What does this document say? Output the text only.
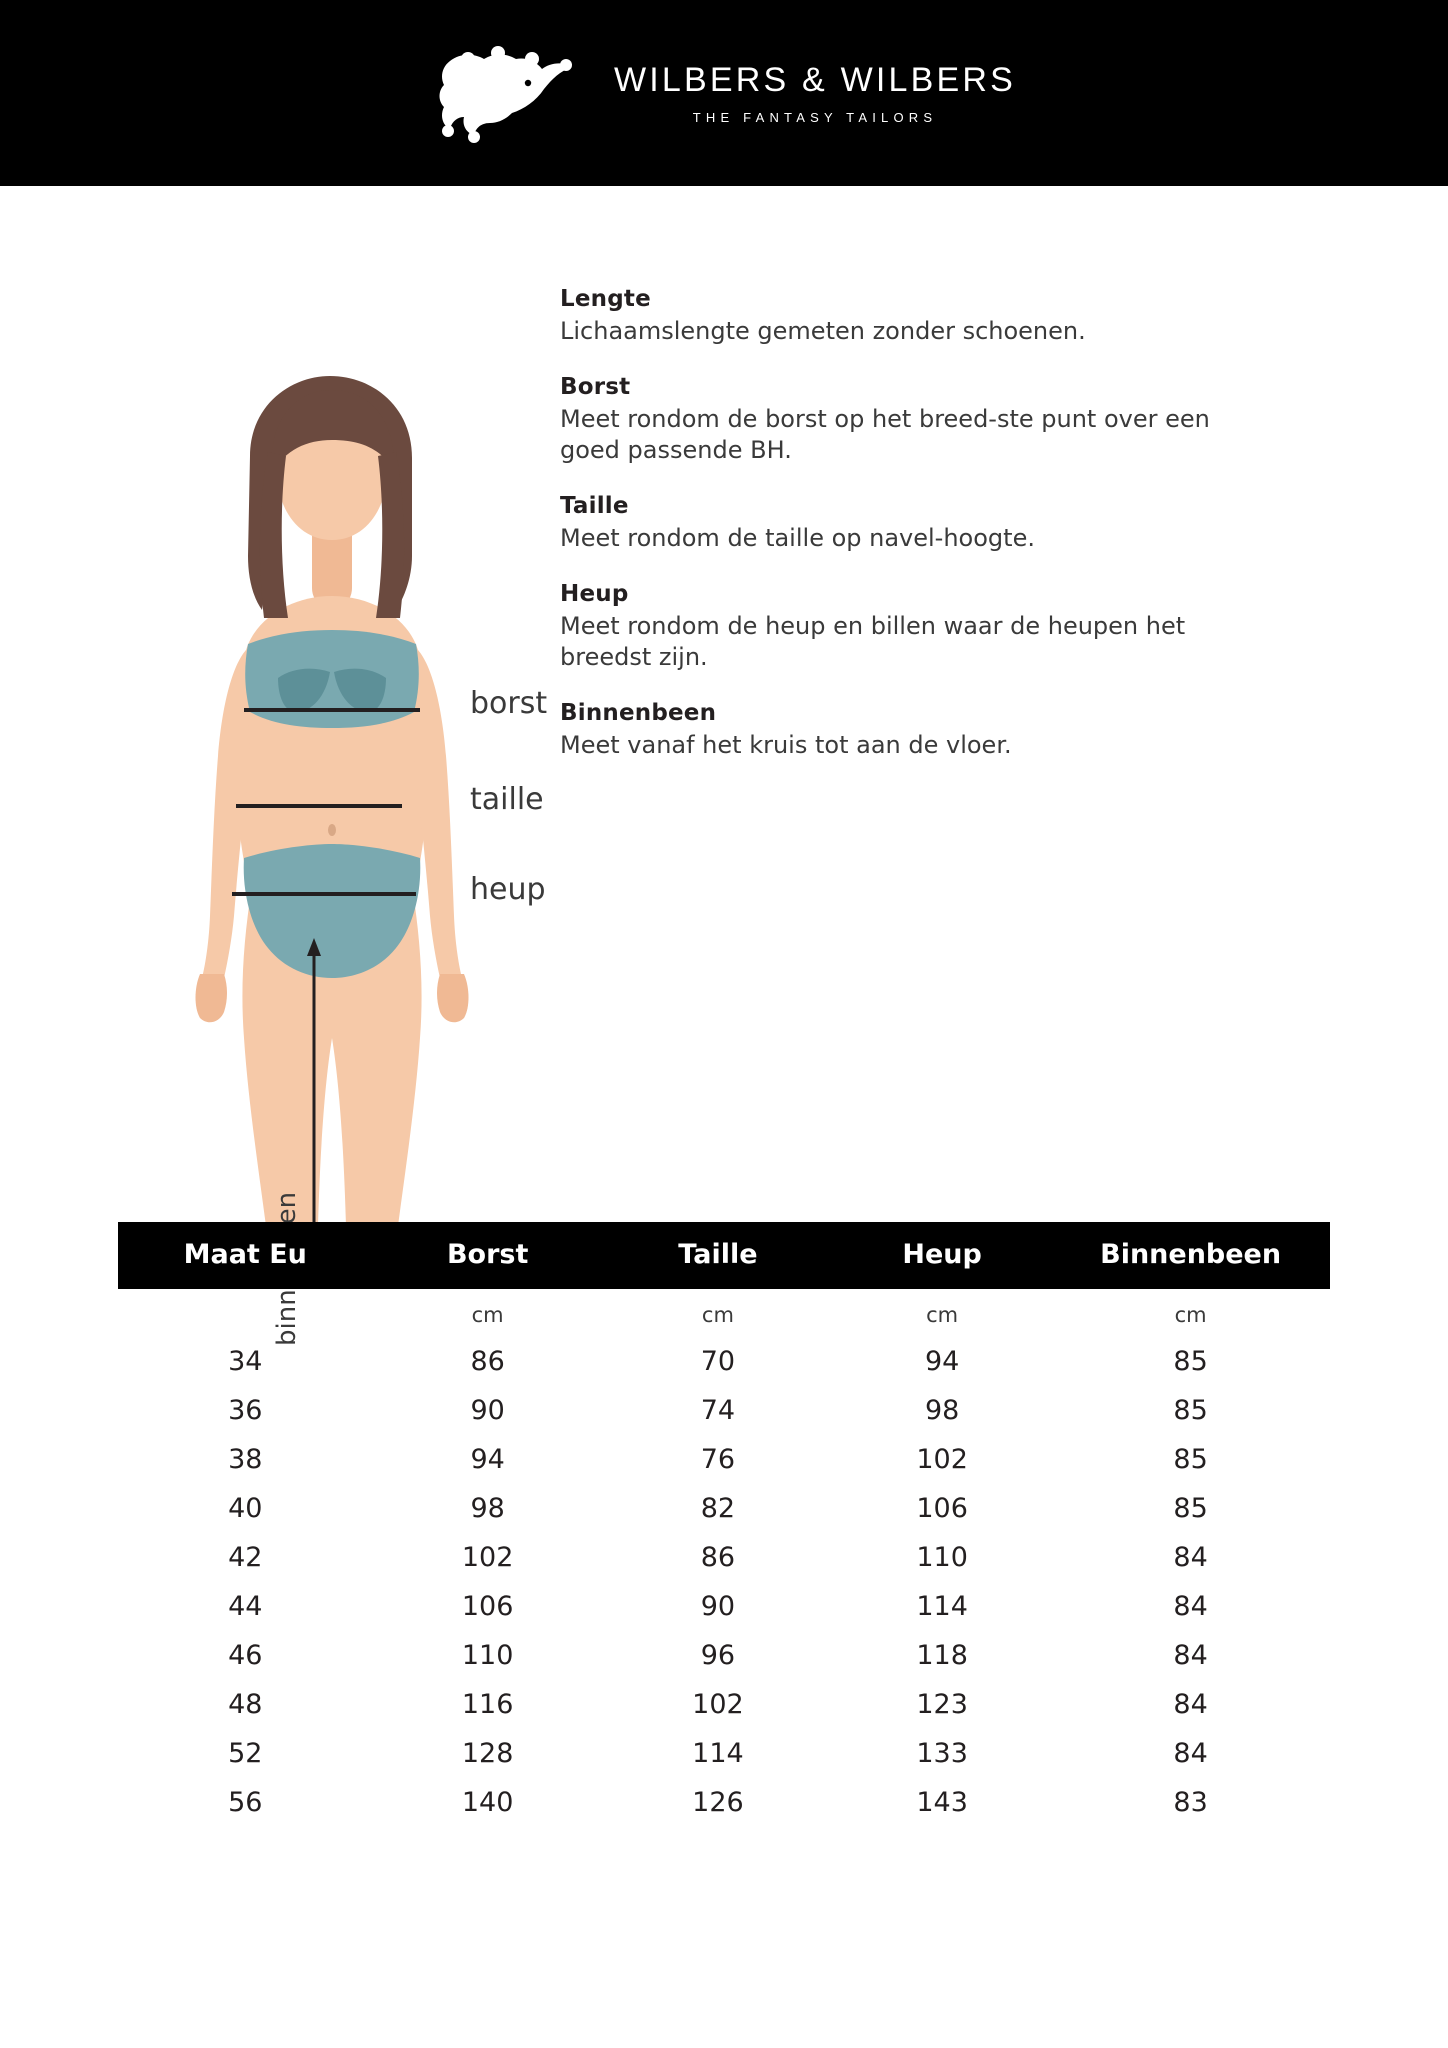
WILBERS & WILBERS
THE FANTASY TAILORS
borst
taille
heup
Lengte

Lichaamslengte gemeten zonder schoenen.

Borst

Meet rondom de borst op het breed-ste punt over een goed passende BH.

Taille

Meet rondom de taille op navel-hoogte.

Heup

Meet rondom de heup en billen waar de heupen het breedst zijn.

Binnenbeen

Meet vanaf het kruis tot aan de vloer.

Maat Eu	Borst	Taille	Heup	Binnenbeen
	cm	cm	cm	cm
34	86	70	94	85
36	90	74	98	85
38	94	76	102	85
40	98	82	106	85
42	102	86	110	84
44	106	90	114	84
46	110	96	118	84
48	116	102	123	84
52	128	114	133	84
56	140	126	143	83
